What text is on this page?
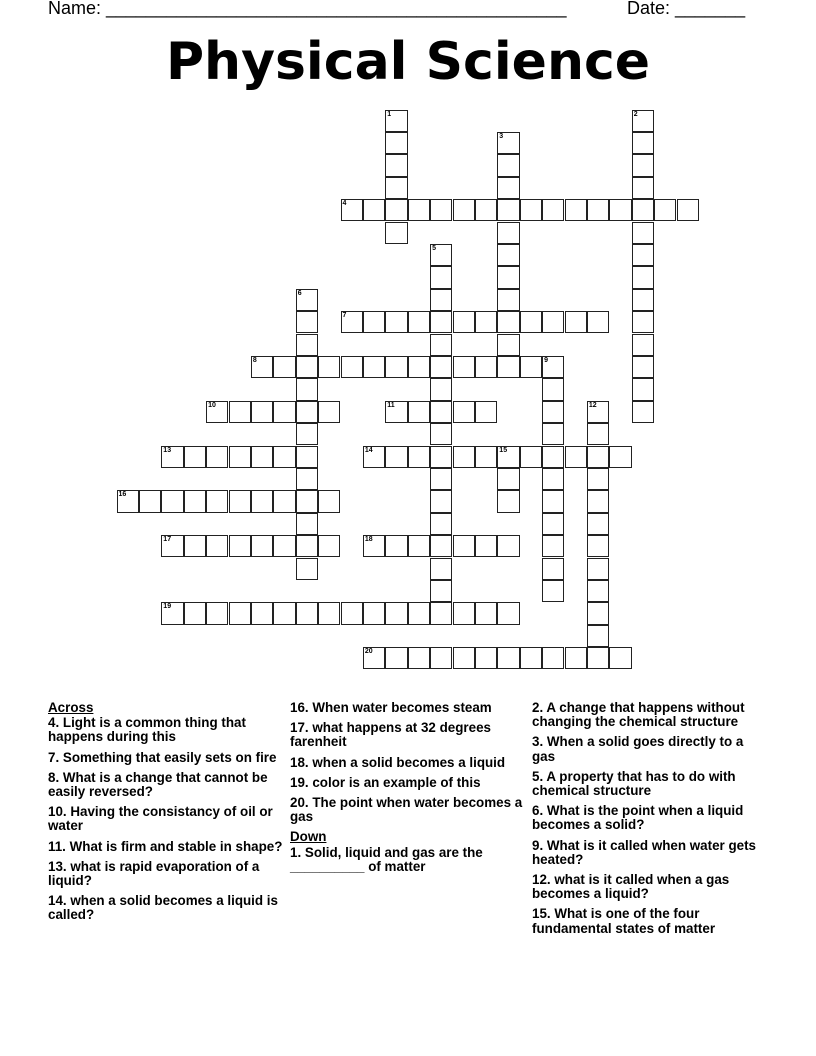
Name: ______________________________________________	Date: _______
Physical Science
4
7
8	9
10	11
13	14	15
16
17	18
19
20
1	2
3
5
6
12
Across
4. Light is a common thing that happens during this
7. Something that easily sets on fire
8. What is a change that cannot be easily reversed?
10. Having the consistancy of oil or water
11. What is firm and stable in shape?
13. what is rapid evaporation of a liquid?
14. when a solid becomes a liquid is called?
16. When water becomes steam
17. what happens at 32 degrees farenheit
18. when a solid becomes a liquid
19. color is an example of this
20. The point when water becomes a gas
Down
1. Solid, liquid and gas are the __________ of matter
2. A change that happens without changing the chemical structure
3. When a solid goes directly to a gas
5. A property that has to do with chemical structure
6. What is the point when a liquid becomes a solid?
9. What is it called when water gets heated?
12. what is it called when a gas becomes a liquid?
15. What is one of the four fundamental states of matter
